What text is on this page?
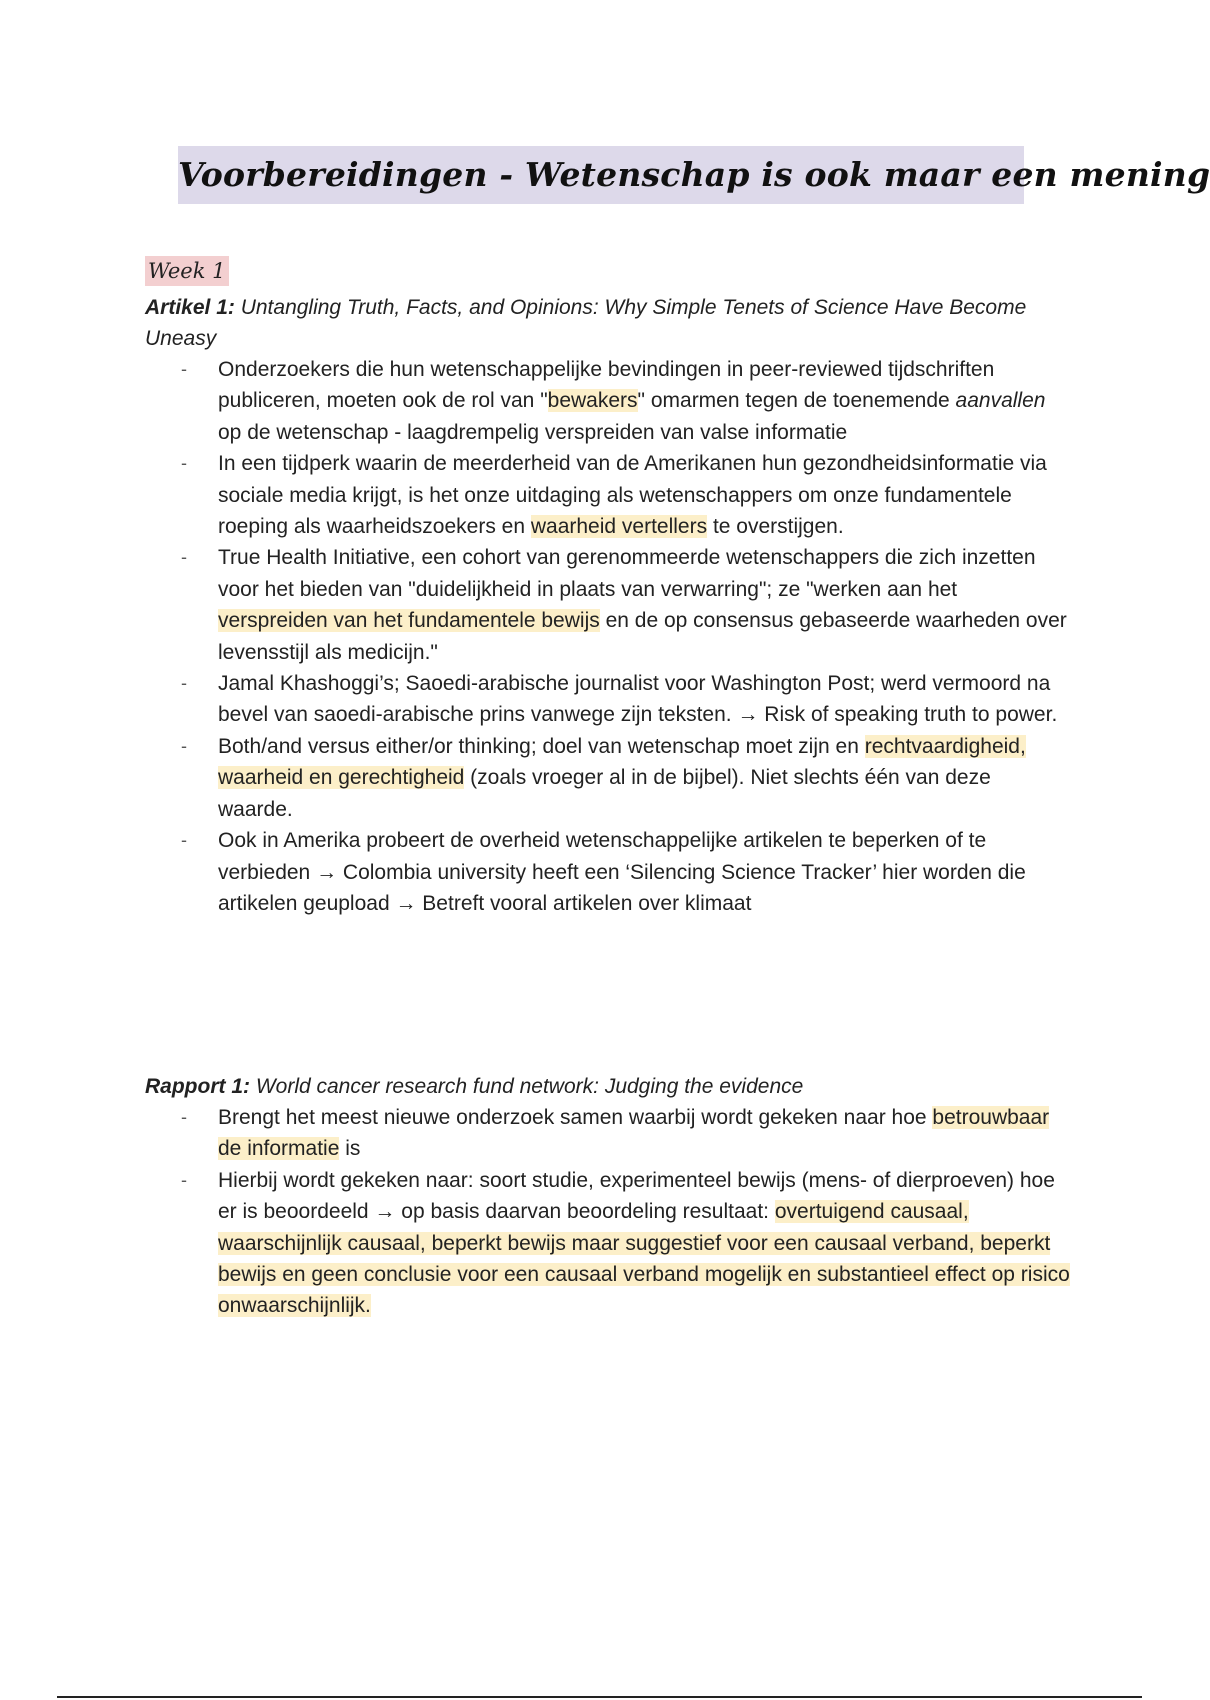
Voorbereidingen - Wetenschap is ook maar een mening
Week 1

Artikel 1: Untangling Truth, Facts, and Opinions: Why Simple Tenets of Science Have Become Uneasy

- Onderzoekers die hun wetenschappelijke bevindingen in peer-reviewed tijdschriften publiceren, moeten ook de rol van "bewakers" omarmen tegen de toenemende aanvallen op de wetenschap - laagdrempelig verspreiden van valse informatie
- In een tijdperk waarin de meerderheid van de Amerikanen hun gezondheidsinformatie via sociale media krijgt, is het onze uitdaging als wetenschappers om onze fundamentele roeping als waarheidszoekers en waarheid vertellers te overstijgen.
- True Health Initiative, een cohort van gerenommeerde wetenschappers die zich inzetten voor het bieden van "duidelijkheid in plaats van verwarring"; ze "werken aan het verspreiden van het fundamentele bewijs en de op consensus gebaseerde waarheden over levensstijl als medicijn."
- Jamal Khashoggi’s; Saoedi-arabische journalist voor Washington Post; werd vermoord na bevel van saoedi-arabische prins vanwege zijn teksten. → Risk of speaking truth to power.
- Both/and versus either/or thinking; doel van wetenschap moet zijn en rechtvaardigheid, waarheid en gerechtigheid (zoals vroeger al in de bijbel). Niet slechts één van deze waarde.
- Ook in Amerika probeert de overheid wetenschappelijke artikelen te beperken of te verbieden → Colombia university heeft een ‘Silencing Science Tracker’ hier worden die artikelen geupload → Betreft vooral artikelen over klimaat

Rapport 1: World cancer research fund network: Judging the evidence

- Brengt het meest nieuwe onderzoek samen waarbij wordt gekeken naar hoe betrouwbaar de informatie is
- Hierbij wordt gekeken naar: soort studie, experimenteel bewijs (mens- of dierproeven) hoe er is beoordeeld → op basis daarvan beoordeling resultaat: overtuigend causaal, waarschijnlijk causaal, beperkt bewijs maar suggestief voor een causaal verband, beperkt bewijs en geen conclusie voor een causaal verband mogelijk en substantieel effect op risico onwaarschijnlijk.
